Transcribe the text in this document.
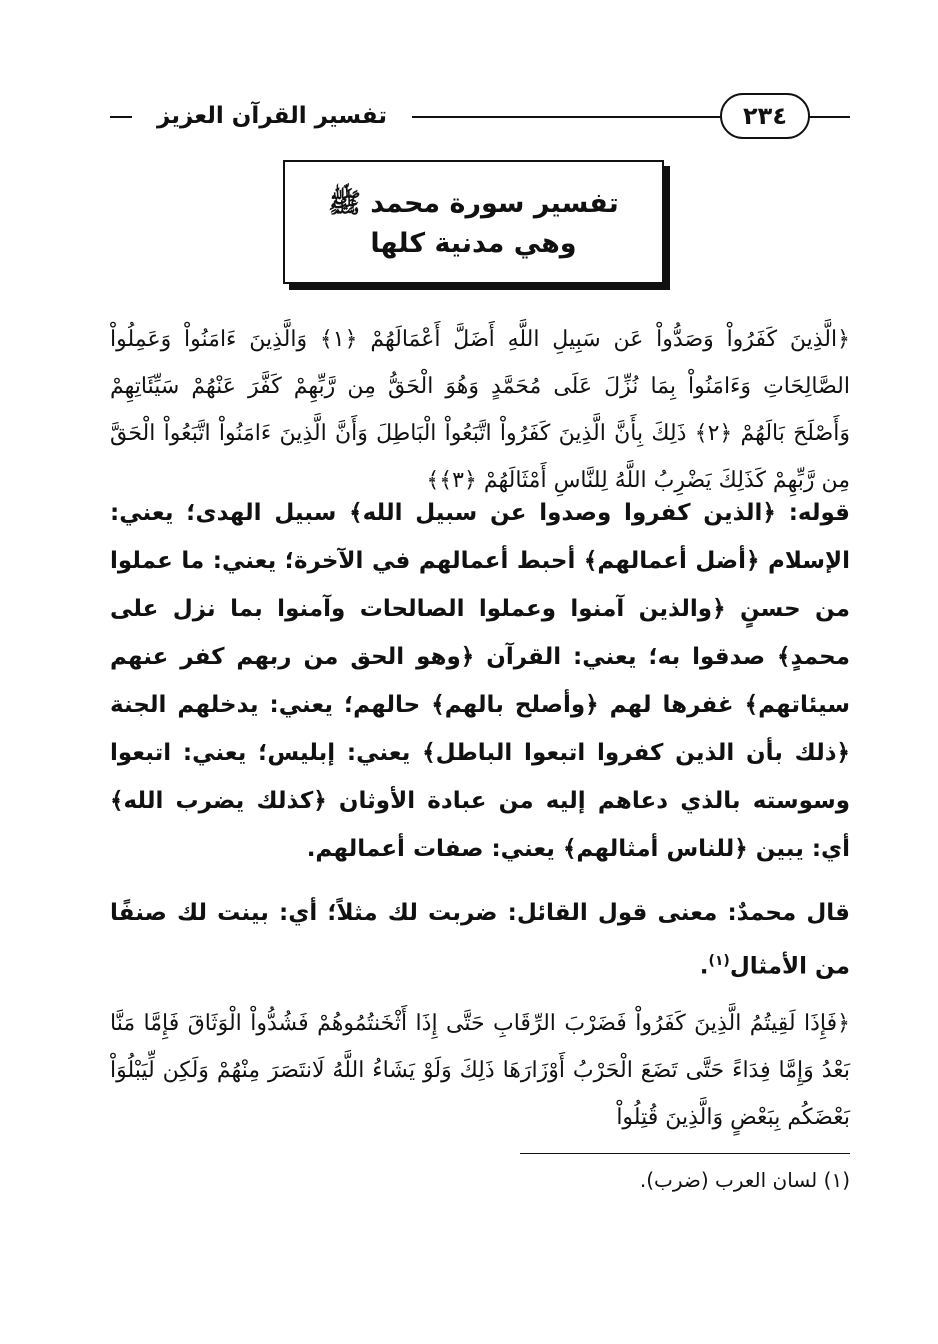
تفسير القرآن العزيز	٢٣٤
تفسير سورة محمد ﷺ
وهي مدنية كلها
﴿الَّذِينَ كَفَرُواْ وَصَدُّواْ عَن سَبِيلِ اللَّهِ أَضَلَّ أَعْمَالَهُمْ ﴿١﴾ وَالَّذِينَ ءَامَنُواْ وَعَمِلُواْ الصَّالِحَاتِ وَءَامَنُواْ بِمَا نُزِّلَ عَلَى مُحَمَّدٍ وَهُوَ الْحَقُّ مِن رَّبِّهِمْ كَفَّرَ عَنْهُمْ سَيِّئَاتِهِمْ وَأَصْلَحَ بَالَهُمْ ﴿٢﴾ ذَلِكَ بِأَنَّ الَّذِينَ كَفَرُواْ اتَّبَعُواْ الْبَاطِلَ وَأَنَّ الَّذِينَ ءَامَنُواْ اتَّبَعُواْ الْحَقَّ مِن رَّبِّهِمْ كَذَلِكَ يَضْرِبُ اللَّهُ لِلنَّاسِ أَمْثَالَهُمْ ﴿٣﴾﴾
قوله: ﴿الذين كفروا وصدوا عن سبيل الله﴾ سبيل الهدى؛ يعني: الإسلام ﴿أضل أعمالهم﴾ أحبط أعمالهم في الآخرة؛ يعني: ما عملوا من حسنٍ ﴿والذين آمنوا وعملوا الصالحات وآمنوا بما نزل على محمدٍ﴾ صدقوا به؛ يعني: القرآن ﴿وهو الحق من ربهم كفر عنهم سيئاتهم﴾ غفرها لهم ﴿وأصلح بالهم﴾ حالهم؛ يعني: يدخلهم الجنة ﴿ذلك بأن الذين كفروا اتبعوا الباطل﴾ يعني: إبليس؛ يعني: اتبعوا وسوسته بالذي دعاهم إليه من عبادة الأوثان ﴿كذلك يضرب الله﴾ أي: يبين ﴿للناس أمثالهم﴾ يعني: صفات أعمالهم.
قال محمدٌ: معنى قول القائل: ضربت لك مثلاً؛ أي: بينت لك صنفًا من الأمثال$^{(١)}$.
﴿فَإِذَا لَقِيتُمُ الَّذِينَ كَفَرُواْ فَضَرْبَ الرِّقَابِ حَتَّى إِذَا أَثْخَنتُمُوهُمْ فَشُدُّواْ الْوَثَاقَ فَإِمَّا مَنَّا بَعْدُ وَإِمَّا فِدَاءً حَتَّى تَضَعَ الْحَرْبُ أَوْزَارَهَا ذَلِكَ وَلَوْ يَشَاءُ اللَّهُ لَانتَصَرَ مِنْهُمْ وَلَكِن لِّيَبْلُوَاْ بَعْضَكُم بِبَعْضٍ وَالَّذِينَ قُتِلُواْ
(١) لسان العرب (ضرب).
